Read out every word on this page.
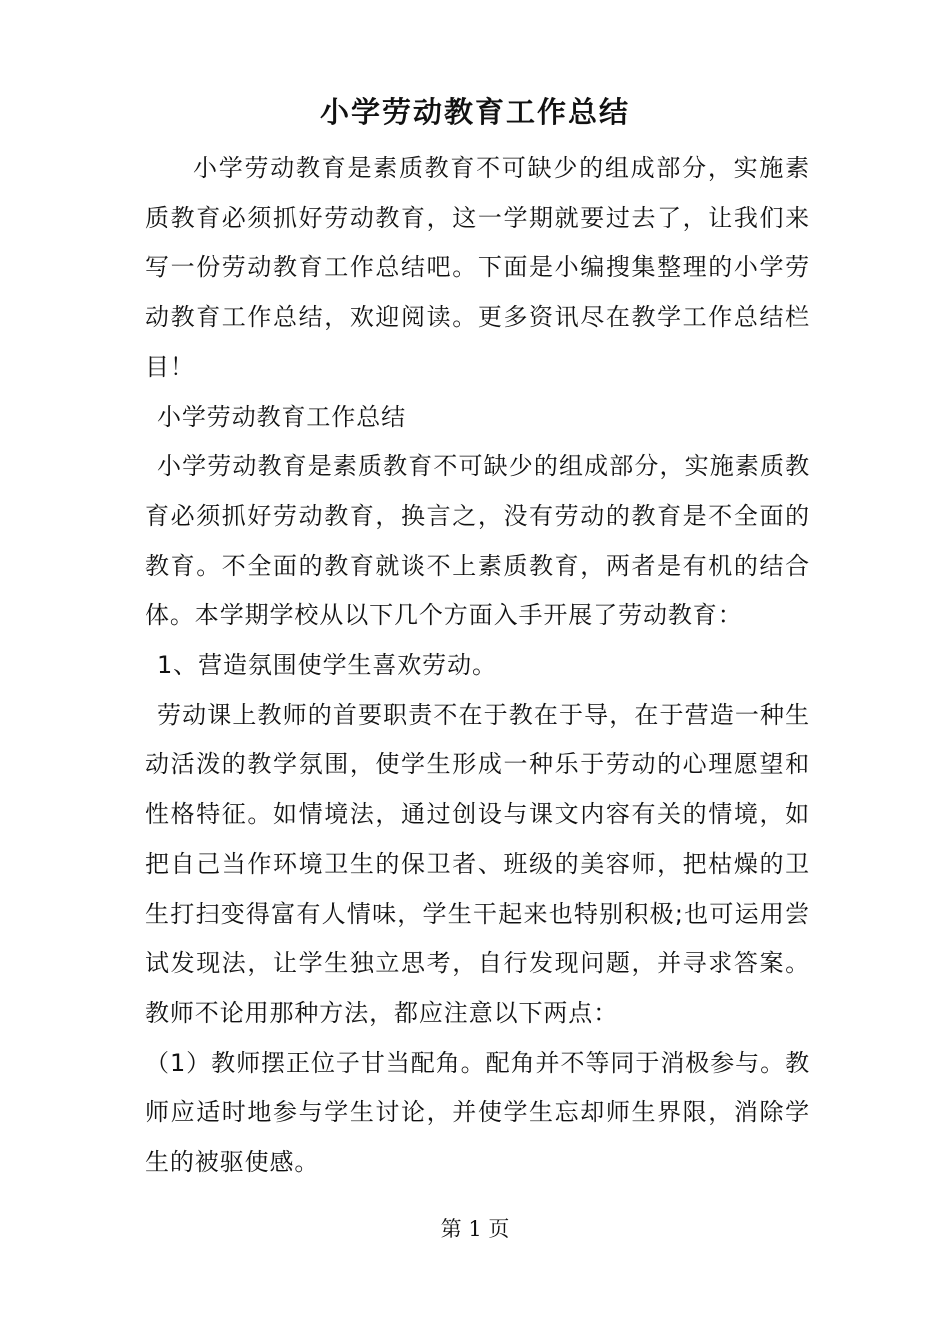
小学劳动教育工作总结

小学劳动教育是素质教育不可缺少的组成部分，实施素质教育必须抓好劳动教育，这一学期就要过去了，让我们来写一份劳动教育工作总结吧。下面是小编搜集整理的小学劳动教育工作总结，欢迎阅读。更多资讯尽在教学工作总结栏目！

小学劳动教育工作总结

小学劳动教育是素质教育不可缺少的组成部分，实施素质教育必须抓好劳动教育，换言之，没有劳动的教育是不全面的教育。不全面的教育就谈不上素质教育，两者是有机的结合体。本学期学校从以下几个方面入手开展了劳动教育：

1、营造氛围使学生喜欢劳动。

劳动课上教师的首要职责不在于教在于导，在于营造一种生动活泼的教学氛围，使学生形成一种乐于劳动的心理愿望和性格特征。如情境法，通过创设与课文内容有关的情境，如把自己当作环境卫生的保卫者、班级的美容师，把枯燥的卫生打扫变得富有人情味，学生干起来也特别积极;也可运用尝试发现法，让学生独立思考，自行发现问题，并寻求答案。教师不论用那种方法，都应注意以下两点：

（1）教师摆正位子甘当配角。配角并不等同于消极参与。教师应适时地参与学生讨论，并使学生忘却师生界限，消除学生的被驱使感。

第 1 页
